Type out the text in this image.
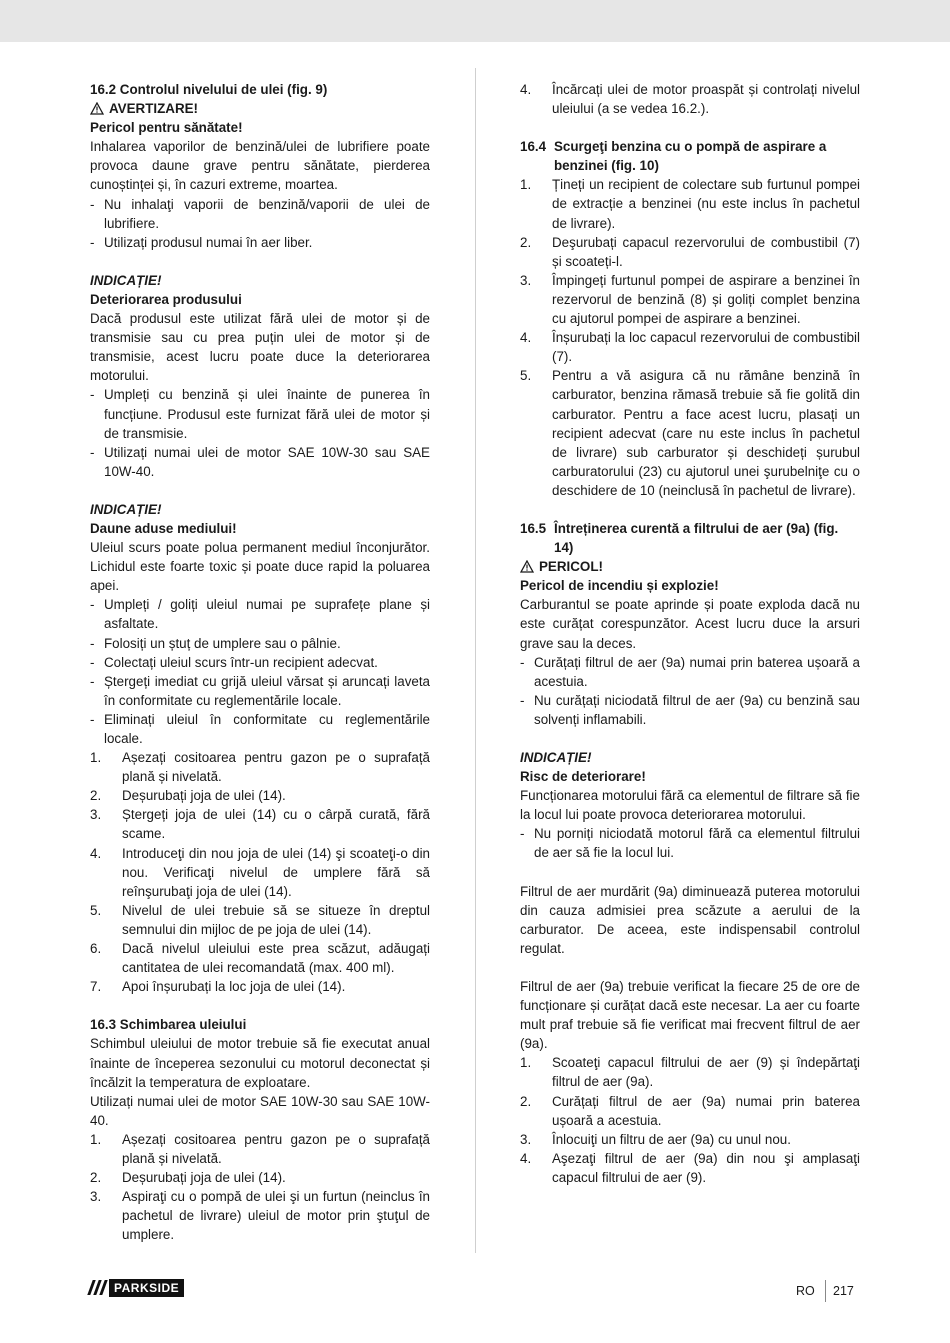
16.2 Controlul nivelului de ulei (fig. 9)

AVERTIZARE!

Pericol pentru sănătate!

Inhalarea vaporilor de benzină/ulei de lubrifiere poate provoca daune grave pentru sănătate, pierderea cunoștinței și, în cazuri extreme, moartea.

- Nu inhalaţi vaporii de benzină/vaporii de ulei de lubrifiere.

- Utilizați produsul numai în aer liber.

INDICAȚIE!

Deteriorarea produsului

Dacă produsul este utilizat fără ulei de motor și de transmisie sau cu prea puțin ulei de motor și de transmisie, acest lucru poate duce la deteriorarea motorului.

- Umpleți cu benzină și ulei înainte de punerea în funcțiune. Produsul este furnizat fără ulei de motor și de transmisie.

- Utilizați numai ulei de motor SAE 10W-30 sau SAE 10W-40.

INDICAȚIE!

Daune aduse mediului!

Uleiul scurs poate polua permanent mediul înconjurător. Lichidul este foarte toxic și poate duce rapid la poluarea apei.

- Umpleți / goliți uleiul numai pe suprafețe plane și asfaltate.

- Folosiți un ștuț de umplere sau o pâlnie.

- Colectați uleiul scurs într-un recipient adecvat.

- Ștergeți imediat cu grijă uleiul vărsat și aruncați laveta în conformitate cu reglementările locale.

- Eliminați uleiul în conformitate cu reglementările locale.

1. Așezați cositoarea pentru gazon pe o suprafață plană și nivelată.

2. Deșurubați joja de ulei (14).

3. Ștergeți joja de ulei (14) cu o cârpă curată, fără scame.

4. Introduceţi din nou joja de ulei (14) şi scoateţi-o din nou. Verificaţi nivelul de umplere fără să reînşurubaţi joja de ulei (14).

5. Nivelul de ulei trebuie să se situeze în dreptul semnului din mijloc de pe joja de ulei (14).

6. Dacă nivelul uleiului este prea scăzut, adăugați cantitatea de ulei recomandată (max. 400 ml).

7. Apoi înșurubați la loc joja de ulei (14).

16.3 Schimbarea uleiului

Schimbul uleiului de motor trebuie să fie executat anual înainte de începerea sezonului cu motorul deconectat și încălzit la temperatura de exploatare.

Utilizați numai ulei de motor SAE 10W-30 sau SAE 10W-40.

1. Așezați cositoarea pentru gazon pe o suprafață plană și nivelată.

2. Deșurubați joja de ulei (14).

3. Aspiraţi cu o pompă de ulei şi un furtun (neinclus în pachetul de livrare) uleiul de motor prin ştuţul de umplere.

4. Încărcați ulei de motor proaspăt și controlați nivelul uleiului (a se vedea 16.2.).

16.4 Scurgeţi benzina cu o pompă de aspirare a benzinei (fig. 10)

1. Țineți un recipient de colectare sub furtunul pompei de extracție a benzinei (nu este inclus în pachetul de livrare).

2. Deşurubați capacul rezervorului de combustibil (7) și scoateți-l.

3. Împingeți furtunul pompei de aspirare a benzinei în rezervorul de benzină (8) și goliți complet benzina cu ajutorul pompei de aspirare a benzinei.

4. Înșurubați la loc capacul rezervorului de combustibil (7).

5. Pentru a vă asigura că nu rămâne benzină în carburator, benzina rămasă trebuie să fie golită din carburator. Pentru a face acest lucru, plasați un recipient adecvat (care nu este inclus în pachetul de livrare) sub carburator și deschideți șurubul carburatorului (23) cu ajutorul unei şurubelniţe cu o deschidere de 10 (neinclusă în pachetul de livrare).

16.5 Întreținerea curentă a filtrului de aer (9a) (fig. 14)

PERICOL!

Pericol de incendiu și explozie!

Carburantul se poate aprinde și poate exploda dacă nu este curățat corespunzător. Acest lucru duce la arsuri grave sau la deces.

- Curățați filtrul de aer (9a) numai prin baterea ușoară a acestuia.

- Nu curățați niciodată filtrul de aer (9a) cu benzină sau solvenți inflamabili.

INDICAȚIE!

Risc de deteriorare!

Funcționarea motorului fără ca elementul de filtrare să fie la locul lui poate provoca deteriorarea motorului.

- Nu porniți niciodată motorul fără ca elementul filtrului de aer să fie la locul lui.

Filtrul de aer murdărit (9a) diminuează puterea motorului din cauza admisiei prea scăzute a aerului de la carburator. De aceea, este indispensabil controlul regulat.

Filtrul de aer (9a) trebuie verificat la fiecare 25 de ore de funcționare și curățat dacă este necesar. La aer cu foarte mult praf trebuie să fie verificat mai frecvent filtrul de aer (9a).

1. Scoateţi capacul filtrului de aer (9) și îndepărtaţi filtrul de aer (9a).

2. Curățați filtrul de aer (9a) numai prin baterea ușoară a acestuia.

3. Înlocuiţi un filtru de aer (9a) cu unul nou.

4. Aşezaţi filtrul de aer (9a) din nou şi amplasaţi capacul filtrului de aer (9).

PARKSIDE	RO 217
